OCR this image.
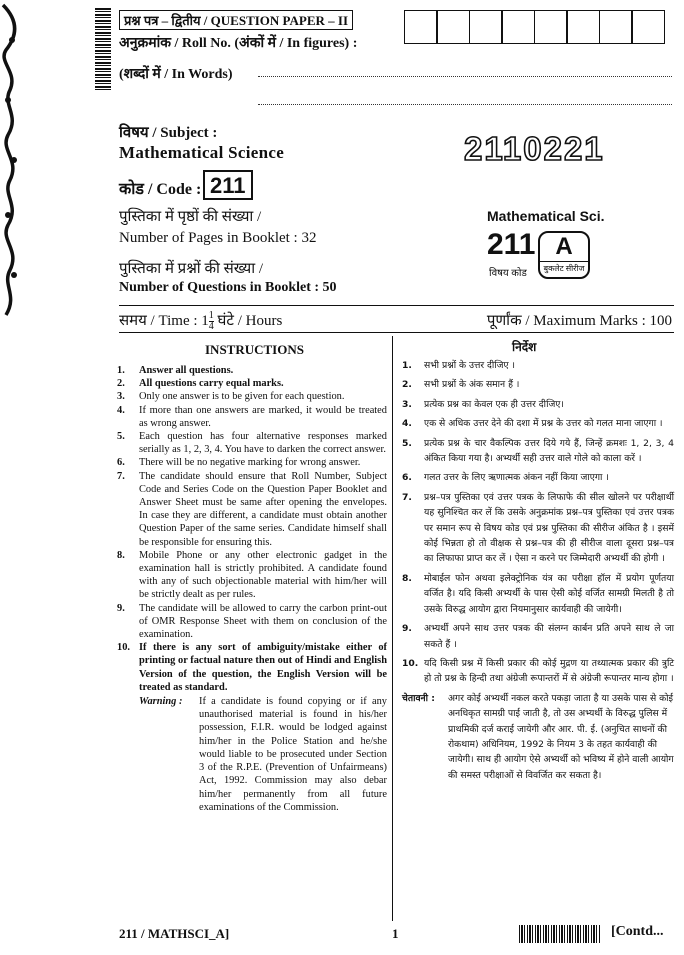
प्रश्न पत्र – द्वितीय / QUESTION PAPER – II
अनुक्रमांक / Roll No. (अंकों में / In figures) :
(शब्दों में / In Words)
विषय / Subject :
Mathematical Science	2110221
कोड / Code : 211
पुस्तिका में पृष्ठों की संख्या /
Number of Pages in Booklet : 32
पुस्तिका में प्रश्नों की संख्या /
Number of Questions in Booklet : 50
Mathematical Sci.
211
विषय कोड
A
बुकलेट सीरीज
समय / Time : $1 \frac{1}{4}$ घंटे / Hours	पूर्णांक / Maximum Marks : 100
INSTRUCTIONS	निर्देश
1.	Answer all questions.
2.	All questions carry equal marks.
3.	Only one answer is to be given for each question.
4.	If more than one answers are marked, it would be treated as wrong answer.
5.	Each question has four alternative responses marked serially as 1, 2, 3, 4. You have to darken the correct answer.
6.	There will be no negative marking for wrong answer.
7.	The candidate should ensure that Roll Number, Subject Code and Series Code on the Question Paper Booklet and Answer Sheet must be same after opening the envelopes. In case they are different, a candidate must obtain another Question Paper of the same series. Candidate himself shall be responsible for ensuring this.
8.	Mobile Phone or any other electronic gadget in the examination hall is strictly prohibited. A candidate found with any of such objectionable material with him/her will be strictly dealt as per rules.
9.	The candidate will be allowed to carry the carbon print-out of OMR Response Sheet with them on conclusion of the examination.
10. If there is any sort of ambiguity/mistake either of printing or factual nature then out of Hindi and English Version of the question, the English Version will be treated as standard.
Warning :	If a candidate is found copying or if any unauthorised material is found in his/her possession, F.I.R. would be lodged against him/her in the Police Station and he/she would liable to be prosecuted under Section 3 of the R.P.E. (Prevention of Unfairmeans) Act, 1992. Commission may also debar him/her permanently from all future examinations of the Commission.
1.	सभी प्रश्नों के उत्तर दीजिए ।
2.	सभी प्रश्नों के अंक समान हैं ।
3.	प्रत्येक प्रश्न का केवल एक ही उत्तर दीजिए।
4.	एक से अधिक उत्तर देने की दशा में प्रश्न के उत्तर को गलत माना जाएगा ।
5.	प्रत्येक प्रश्न के चार वैकल्पिक उत्तर दिये गये हैं, जिन्हें क्रमशः 1, 2, 3, 4 अंकित किया गया है। अभ्यर्थी सही उत्तर वाले गोले को काला करें ।
6.	गलत उत्तर के लिए ऋणात्मक अंकन नहीं किया जाएगा ।
7.	प्रश्न–पत्र पुस्तिका एवं उत्तर पत्रक के लिफाफे की सील खोलने पर परीक्षार्थी यह सुनिश्चित कर लें कि उसके अनुक्रमांक प्रश्न–पत्र पुस्तिका एवं उत्तर पत्रक पर समान रूप से विषय कोड एवं प्रश्न पुस्तिका की सीरीज अंकित है । इसमें कोई भिन्नता हो तो वीक्षक से प्रश्न–पत्र की ही सीरीज वाला दूसरा प्रश्न–पत्र का लिफाफा प्राप्त कर लें । ऐसा न करने पर जिम्मेदारी अभ्यर्थी की होगी ।
8.	मोबाईल फोन अथवा इलेक्ट्रोनिक यंत्र का परीक्षा हॉल में प्रयोग पूर्णतया वर्जित है। यदि किसी अभ्यर्थी के पास ऐसी कोई वर्जित सामग्री मिलती है तो उसके विरुद्ध आयोग द्वारा नियमानुसार कार्यवाही की जायेगी।
9.	अभ्यर्थी अपने साथ उत्तर पत्रक की संलग्न कार्बन प्रति अपने साथ ले जा सकते हैं ।
10. यदि किसी प्रश्न में किसी प्रकार की कोई मुद्रण या तथ्यात्मक प्रकार की त्रुटि हो तो प्रश्न के हिन्दी तथा अंग्रेजी रूपान्तरों में से अंग्रेजी रूपान्तर मान्य होगा ।
चेतावनी :	अगर कोई अभ्यर्थी नकल करते पकड़ा जाता है या उसके पास से कोई अनधिकृत सामग्री पाई जाती है, तो उस अभ्यर्थी के विरुद्ध पुलिस में प्राथमिकी दर्ज कराई जायेगी और आर. पी. ई. (अनुचित साधनों की रोकथाम) अधिनियम, 1992 के नियम 3 के तहत कार्यवाही की जायेगी। साथ ही आयोग ऐसे अभ्यर्थी को भविष्य में होने वाली आयोग की समस्त परीक्षाओं से विवर्जित कर सकता है।
211 / MATHSCI_A]	1	[Contd...
